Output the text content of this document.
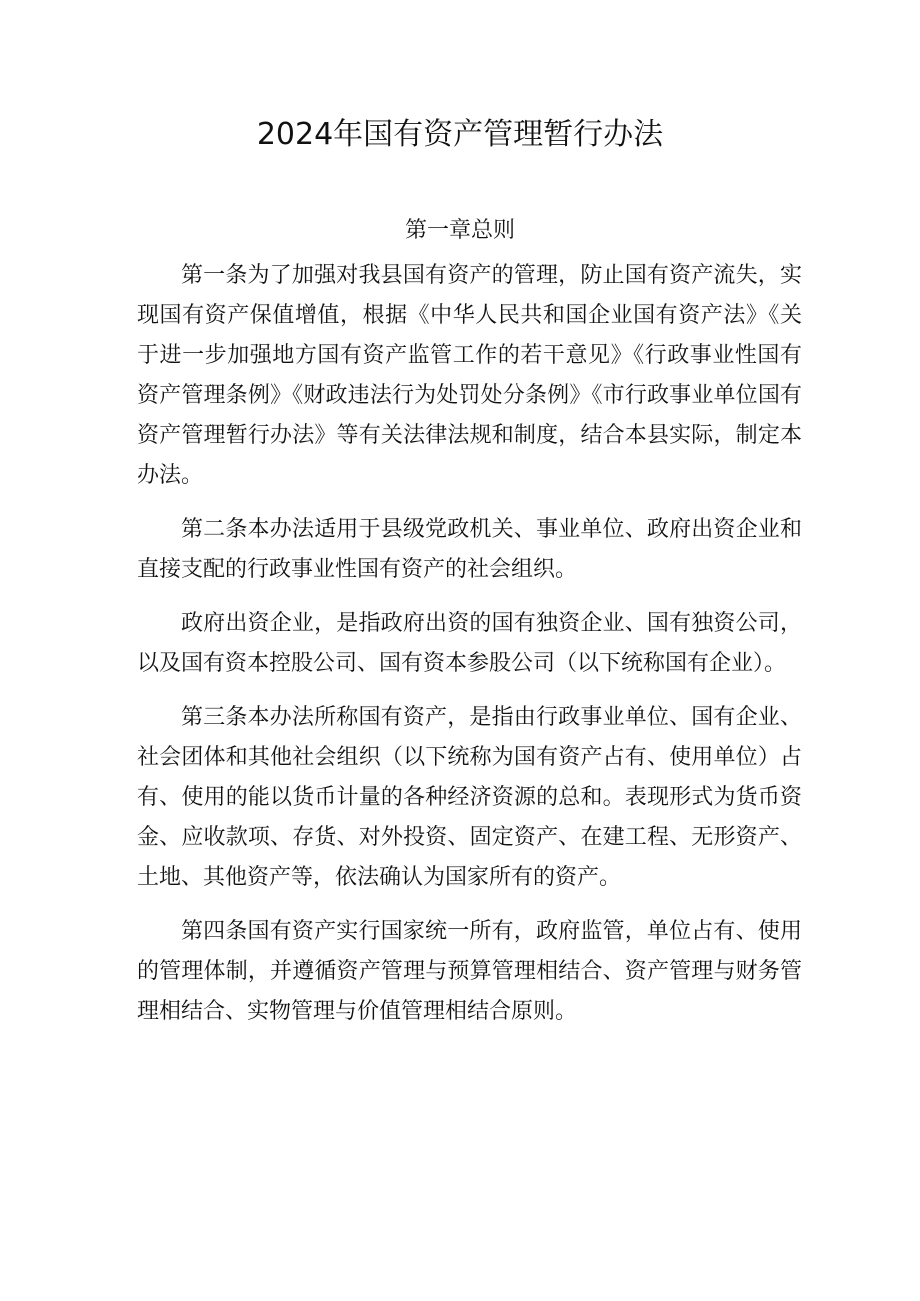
2024年国有资产管理暂行办法
第一章总则

第一条为了加强对我县国有资产的管理，防止国有资产流失，实现国有资产保值增值，根据《中华人民共和国企业国有资产法》《关于进一步加强地方国有资产监管工作的若干意见》《行政事业性国有资产管理条例》《财政违法行为处罚处分条例》《市行政事业单位国有资产管理暂行办法》等有关法律法规和制度，结合本县实际，制定本办法。

第二条本办法适用于县级党政机关、事业单位、政府出资企业和直接支配的行政事业性国有资产的社会组织。

政府出资企业，是指政府出资的国有独资企业、国有独资公司，以及国有资本控股公司、国有资本参股公司（以下统称国有企业）。

第三条本办法所称国有资产，是指由行政事业单位、国有企业、社会团体和其他社会组织（以下统称为国有资产占有、使用单位）占有、使用的能以货币计量的各种经济资源的总和。表现形式为货币资金、应收款项、存货、对外投资、固定资产、在建工程、无形资产、土地、其他资产等，依法确认为国家所有的资产。

第四条国有资产实行国家统一所有，政府监管，单位占有、使用的管理体制，并遵循资产管理与预算管理相结合、资产管理与财务管理相结合、实物管理与价值管理相结合原则。
